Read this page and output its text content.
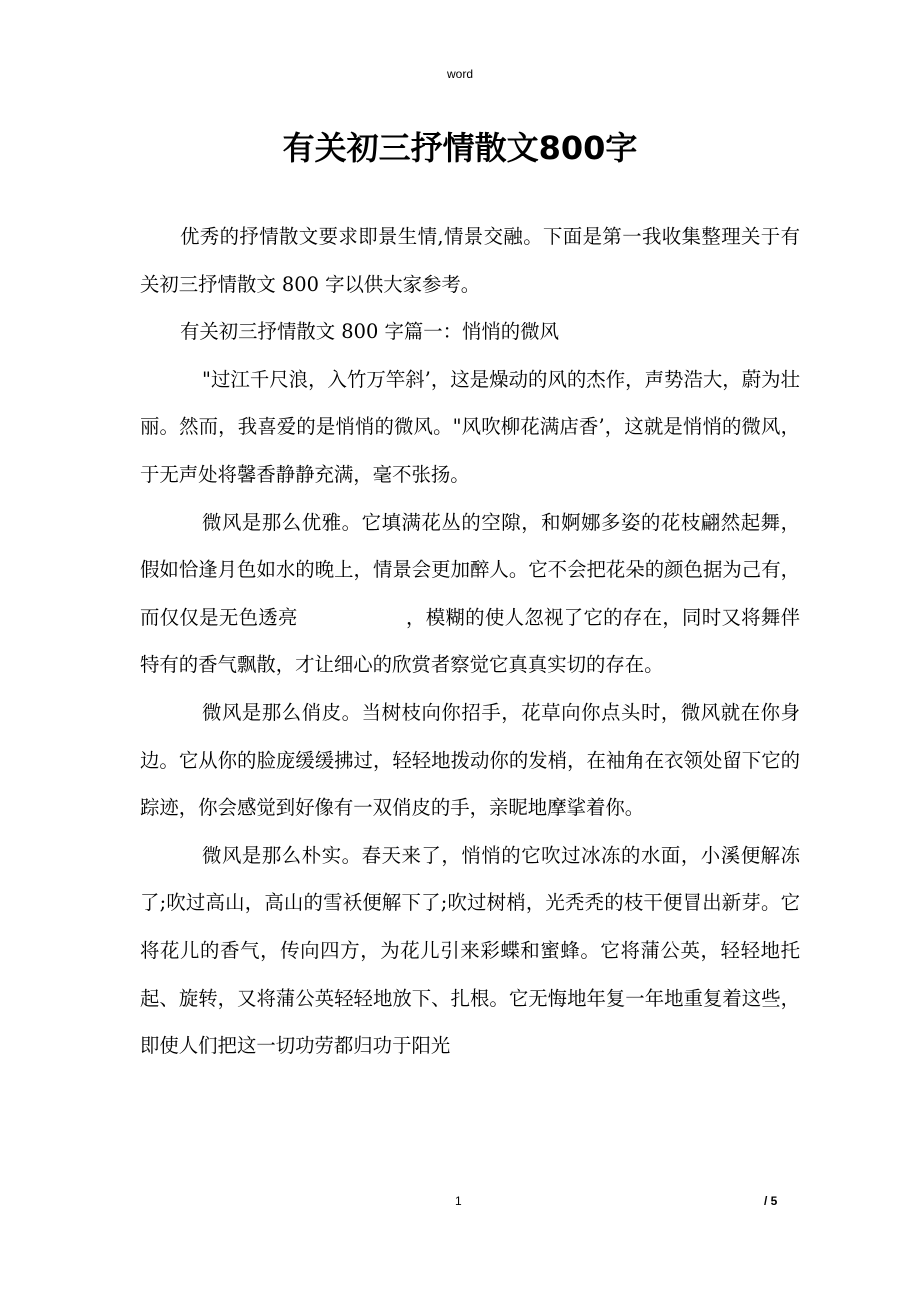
word
有关初三抒情散文800字

优秀的抒情散文要求即景生情,情景交融。下面是第一我收集整理关于有关初三抒情散文 800 字以供大家参考。

有关初三抒情散文 800 字篇一：悄悄的微风

"过江千尺浪，入竹万竿斜’，这是燥动的风的杰作，声势浩大，蔚为壮丽。然而，我喜爱的是悄悄的微风。"风吹柳花满店香’，这就是悄悄的微风，于无声处将馨香静静充满，毫不张扬。

微风是那么优雅。它填满花丛的空隙，和婀娜多姿的花枝翩然起舞，假如恰逢月色如水的晚上，情景会更加醉人。它不会把花朵的颜色据为己有，而仅仅是无色透亮	，模糊的使人忽视了它的存在，同时又将舞伴特有的香气飘散，才让细心的欣赏者察觉它真真实切的存在。

微风是那么俏皮。当树枝向你招手，花草向你点头时，微风就在你身边。它从你的脸庞缓缓拂过，轻轻地拨动你的发梢，在袖角在衣领处留下它的踪迹，你会感觉到好像有一双俏皮的手，亲昵地摩挲着你。

微风是那么朴实。春天来了，悄悄的它吹过冰冻的水面，小溪便解冻了;吹过高山，高山的雪袄便解下了;吹过树梢，光秃秃的枝干便冒出新芽。它将花儿的香气，传向四方，为花儿引来彩蝶和蜜蜂。它将蒲公英，轻轻地托起、旋转，又将蒲公英轻轻地放下、扎根。它无悔地年复一年地重复着这些，即使人们把这一切功劳都归功于阳光

1	/ 5
